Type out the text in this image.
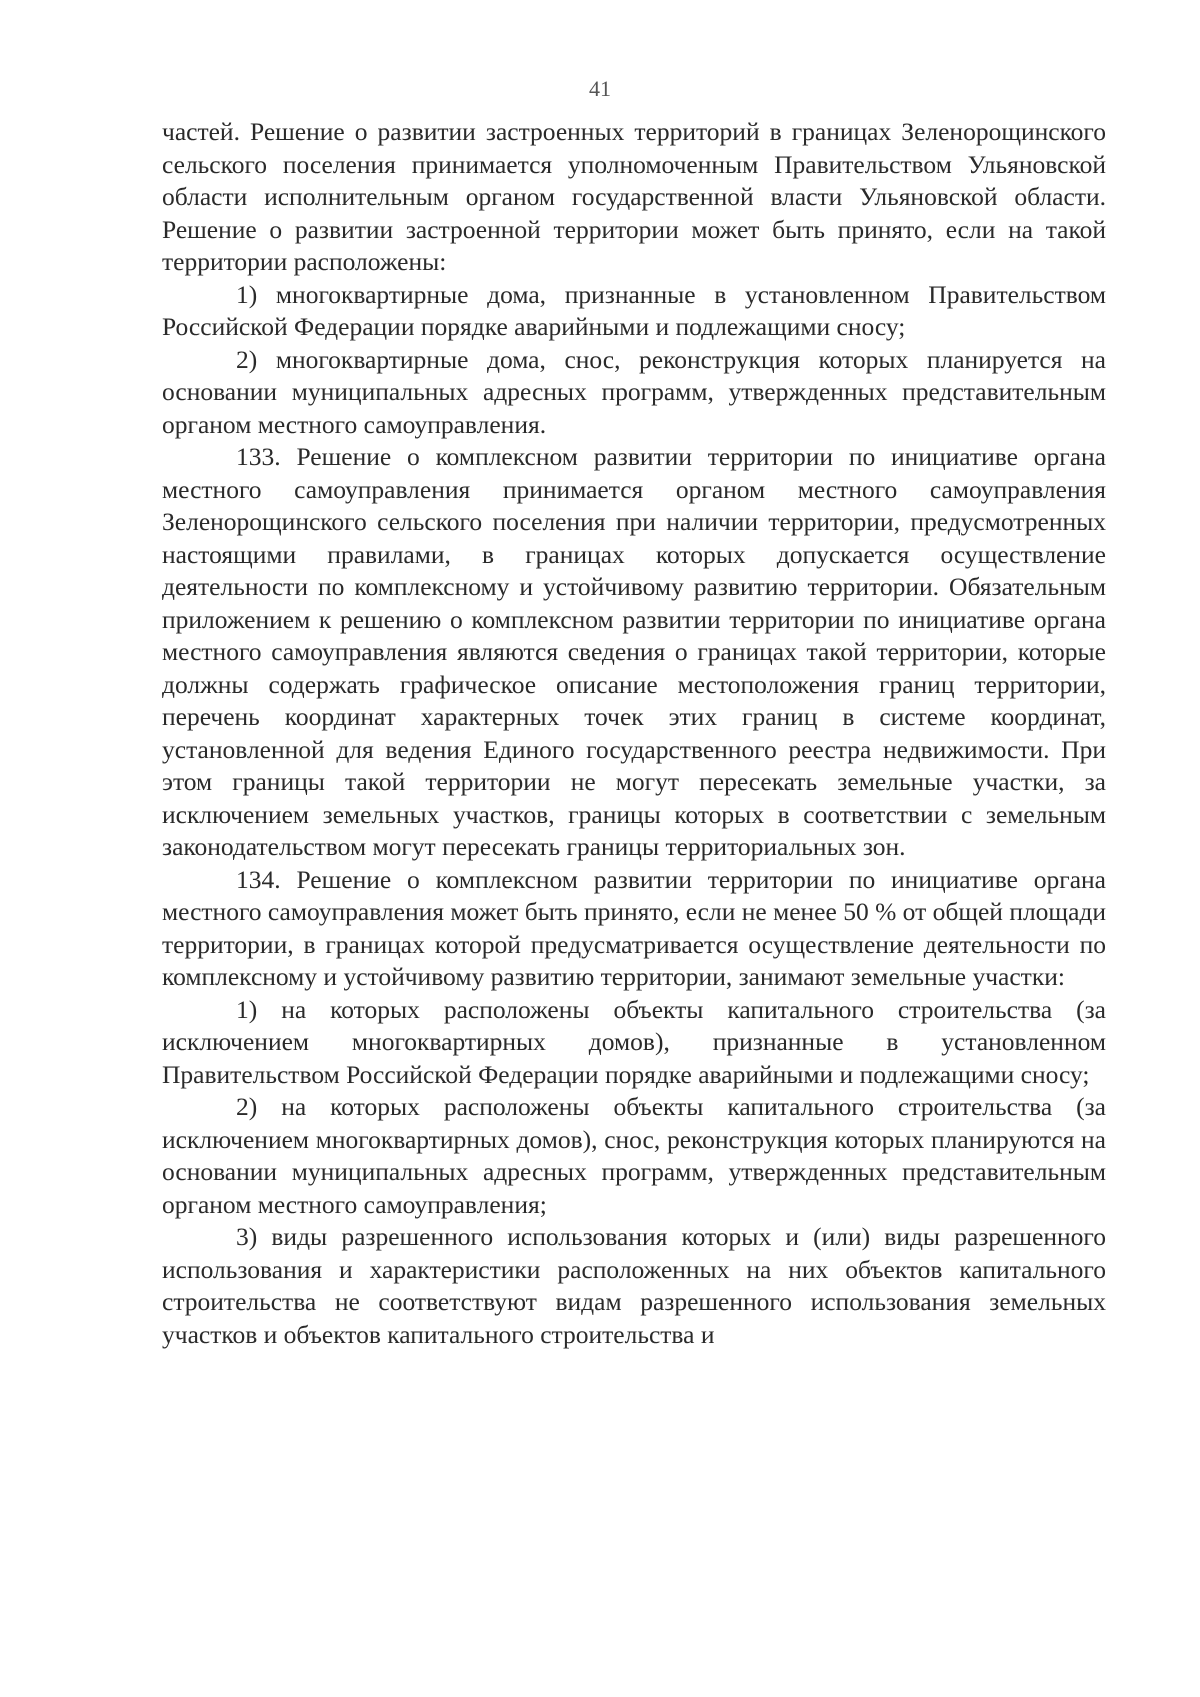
41

частей. Решение о развитии застроенных территорий в границах Зеленорощинского сельского поселения принимается уполномоченным Правительством Ульяновской области исполнительным органом государственной власти Ульяновской области. Решение о развитии застроенной территории может быть принято, если на такой территории расположены:

1) многоквартирные дома, признанные в установленном Правительством Российской Федерации порядке аварийными и подлежащими сносу;

2) многоквартирные дома, снос, реконструкция которых планируется на основании муниципальных адресных программ, утвержденных представительным органом местного самоуправления.

133. Решение о комплексном развитии территории по инициативе органа местного самоуправления принимается органом местного самоуправления Зеленорощинского сельского поселения при наличии территории, предусмотренных настоящими правилами, в границах которых допускается осуществление деятельности по комплексному и устойчивому развитию территории. Обязательным приложением к решению о комплексном развитии территории по инициативе органа местного самоуправления являются сведения о границах такой территории, которые должны содержать графическое описание местоположения границ территории, перечень координат характерных точек этих границ в системе координат, установленной для ведения Единого государственного реестра недвижимости. При этом границы такой территории не могут пересекать земельные участки, за исключением земельных участков, границы которых в соответствии с земельным законодательством могут пересекать границы территориальных зон.

134. Решение о комплексном развитии территории по инициативе органа местного самоуправления может быть принято, если не менее 50 % от общей площади территории, в границах которой предусматривается осуществление деятельности по комплексному и устойчивому развитию территории, занимают земельные участки:

1) на которых расположены объекты капитального строительства (за исключением многоквартирных домов), признанные в установленном Правительством Российской Федерации порядке аварийными и подлежащими сносу;

2) на которых расположены объекты капитального строительства (за исключением многоквартирных домов), снос, реконструкция которых планируются на основании муниципальных адресных программ, утвержденных представительным органом местного самоуправления;

3) виды разрешенного использования которых и (или) виды разрешенного использования и характеристики расположенных на них объектов капитального строительства не соответствуют видам разрешенного использования земельных участков и объектов капитального строительства и
